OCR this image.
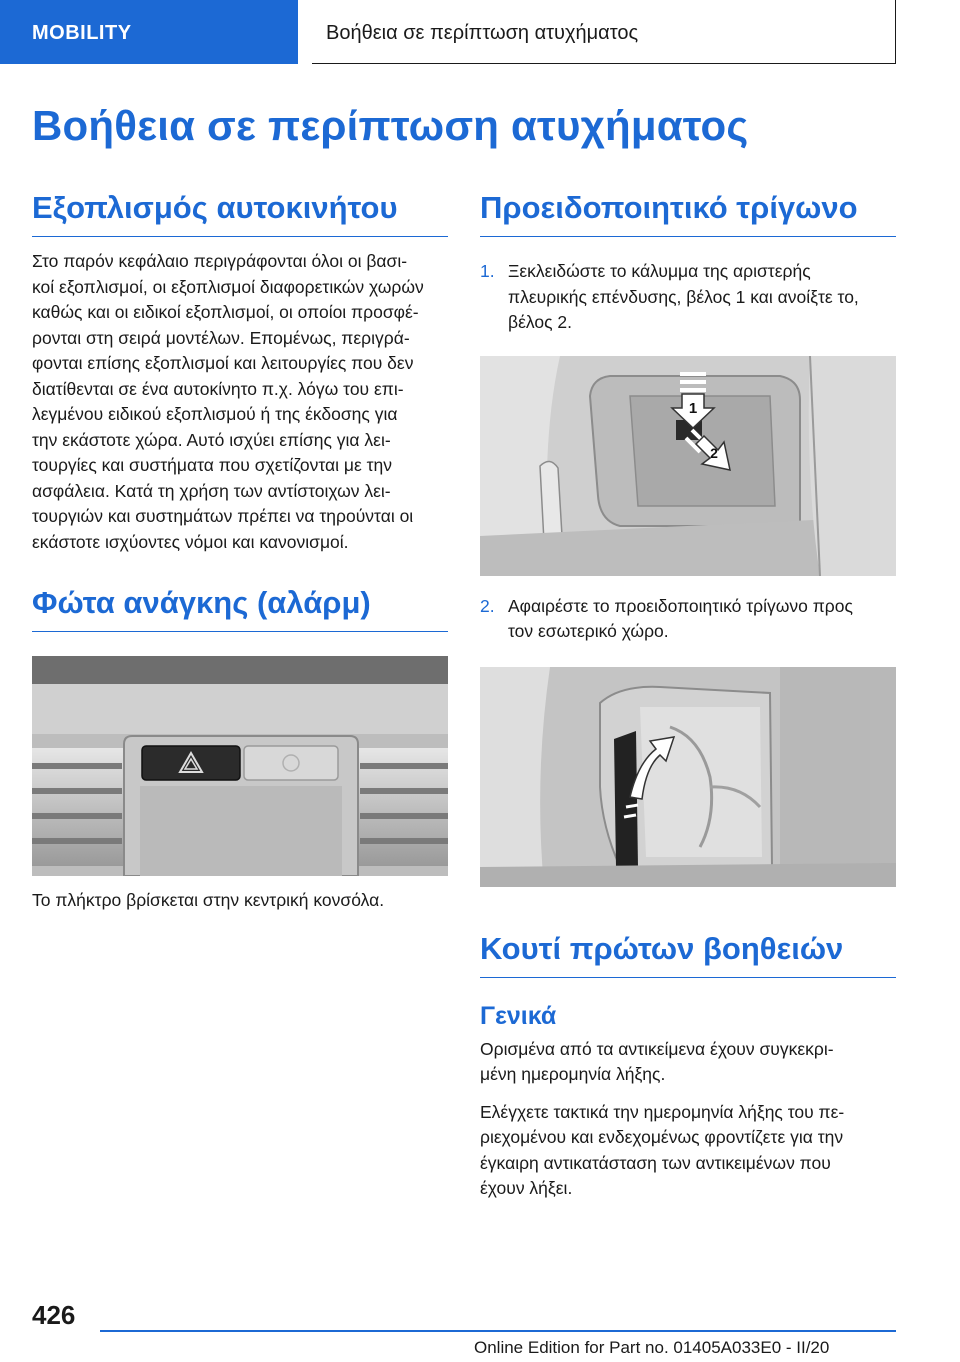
MOBILITY	Βοήθεια σε περίπτωση ατυχήματος
Βοήθεια σε περίπτωση ατυχήματος
Εξοπλισμός αυτοκινήτου
Στο παρόν κεφάλαιο περιγράφονται όλοι οι βασι‐
κοί εξοπλισμοί, οι εξοπλισμοί διαφορετικών χωρών
καθώς και οι ειδικοί εξοπλισμοί, οι οποίοι προσφέ‐
ρονται στη σειρά μοντέλων. Επομένως, περιγρά‐
φονται επίσης εξοπλισμοί και λειτουργίες που δεν
διατίθενται σε ένα αυτοκίνητο π.χ. λόγω του επι‐
λεγμένου ειδικού εξοπλισμού ή της έκδοσης για
την εκάστοτε χώρα. Αυτό ισχύει επίσης για λει‐
τουργίες και συστήματα που σχετίζονται με την
ασφάλεια. Κατά τη χρήση των αντίστοιχων λει‐
τουργιών και συστημάτων πρέπει να τηρούνται οι
εκάστοτε ισχύοντες νόμοι και κανονισμοί.
Φώτα ανάγκης (αλάρμ)
Το πλήκτρο βρίσκεται στην κεντρική κονσόλα.
Προειδοποιητικό τρίγωνο
1. Ξεκλειδώστε το κάλυμμα της αριστερής
πλευρικής επένδυσης, βέλος 1 και ανοίξτε το,
βέλος 2.
1
2
2. Αφαιρέστε το προειδοποιητικό τρίγωνο προς
τον εσωτερικό χώρο.
Κουτί πρώτων βοηθειών
Γενικά
Ορισμένα από τα αντικείμενα έχουν συγκεκρι‐
μένη ημερομηνία λήξης.
Ελέγχετε τακτικά την ημερομηνία λήξης του πε‐
ριεχομένου και ενδεχομένως φροντίζετε για την
έγκαιρη αντικατάσταση των αντικειμένων που
έχουν λήξει.
426
Online Edition for Part no. 01405A033E0 - II/20
